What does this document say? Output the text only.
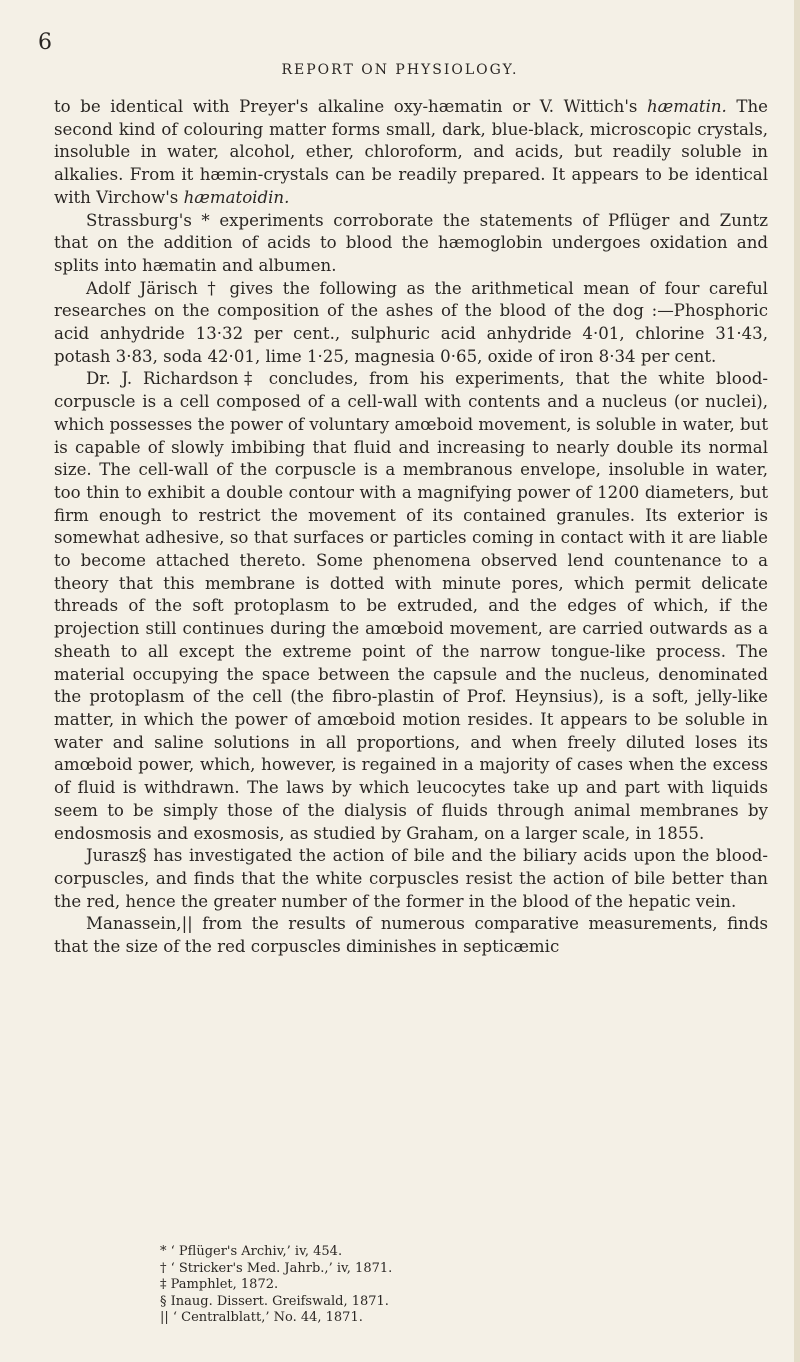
6
REPORT ON PHYSIOLOGY.

to be identical with Preyer's alkaline oxy-hæmatin or V. Wittich's hæmatin. The second kind of colouring matter forms small, dark, blue-black, microscopic crystals, insoluble in water, alcohol, ether, chloroform, and acids, but readily soluble in alkalies. From it hæmin-crystals can be readily prepared. It appears to be identical with Virchow's hæmatoidin.

Strassburg's * experiments corroborate the statements of Pflüger and Zuntz that on the addition of acids to blood the hæmoglobin undergoes oxidation and splits into hæmatin and albumen.

Adolf Järisch † gives the following as the arithmetical mean of four careful researches on the composition of the ashes of the blood of the dog :—Phosphoric acid anhydride 13·32 per cent., sulphuric acid anhydride 4·01, chlorine 31·43, potash 3·83, soda 42·01, lime 1·25, magnesia 0·65, oxide of iron 8·34 per cent.

Dr. J. Richardson‡ concludes, from his experiments, that the white blood-corpuscle is a cell composed of a cell-wall with contents and a nucleus (or nuclei), which possesses the power of voluntary amœboid movement, is soluble in water, but is capable of slowly imbibing that fluid and increasing to nearly double its normal size. The cell-wall of the corpuscle is a membranous envelope, insoluble in water, too thin to exhibit a double contour with a magnifying power of 1200 diameters, but firm enough to restrict the movement of its contained granules. Its exterior is somewhat adhesive, so that surfaces or particles coming in contact with it are liable to become attached thereto. Some phenomena observed lend countenance to a theory that this membrane is dotted with minute pores, which permit delicate threads of the soft protoplasm to be extruded, and the edges of which, if the projection still continues during the amœboid movement, are carried outwards as a sheath to all except the extreme point of the narrow tongue-like process. The material occupying the space between the capsule and the nucleus, denominated the protoplasm of the cell (the fibro-plastin of Prof. Heynsius), is a soft, jelly-like matter, in which the power of amœboid motion resides. It appears to be soluble in water and saline solutions in all proportions, and when freely diluted loses its amœboid power, which, however, is regained in a majority of cases when the excess of fluid is withdrawn. The laws by which leucocytes take up and part with liquids seem to be simply those of the dialysis of fluids through animal membranes by endosmosis and exosmosis, as studied by Graham, on a larger scale, in 1855.

Jurasz§ has investigated the action of bile and the biliary acids upon the blood-corpuscles, and finds that the white corpuscles resist the action of bile better than the red, hence the greater number of the former in the blood of the hepatic vein.

Manassein,|| from the results of numerous comparative measurements, finds that the size of the red corpuscles diminishes in septicæmic

* ‘ Pflüger's Archiv,’ iv, 454.
† ‘ Stricker's Med. Jahrb.,’ iv, 1871.
‡ Pamphlet, 1872.
§ Inaug. Dissert. Greifswald, 1871.
|| ‘ Centralblatt,’ No. 44, 1871.
